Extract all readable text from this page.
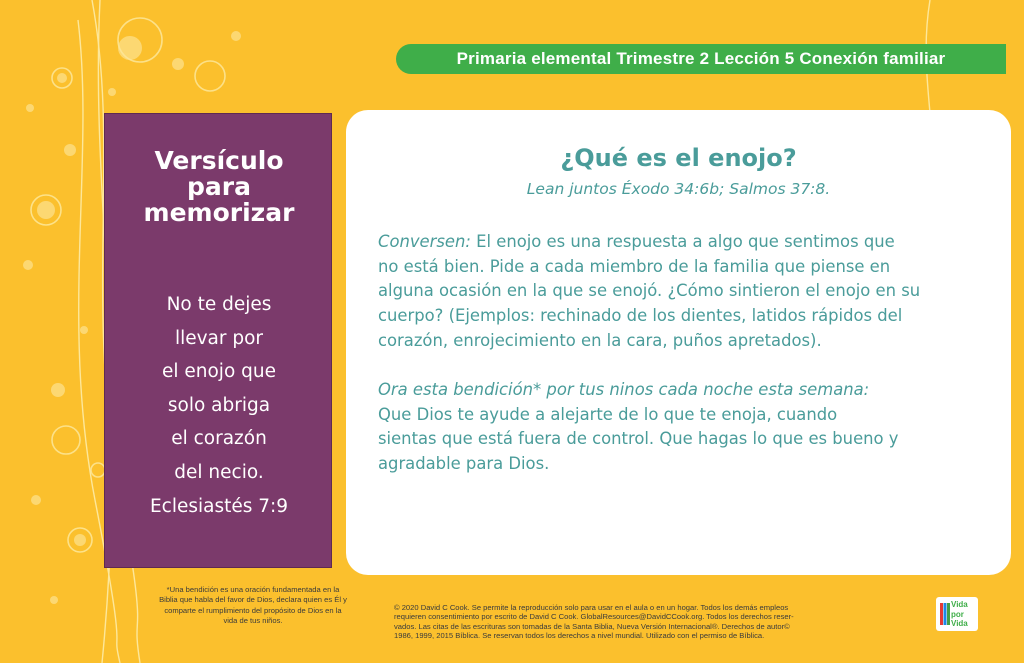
Primaria elemental Trimestre 2 Lección 5 Conexión familiar
Versículo
para
memorizar
No te dejes
llevar por
el enojo que
solo abriga
el corazón
del necio.
Eclesiastés 7:9
¿Qué es el enojo?
Lean juntos Éxodo 34:6b; Salmos 37:8.
Conversen: El enojo es una respuesta a algo que sentimos que
no está bien. Pide a cada miembro de la familia que piense en
alguna ocasión en la que se enojó. ¿Cómo sintieron el enojo en su
cuerpo? (Ejemplos: rechinado de los dientes, latidos rápidos del
corazón, enrojecimiento en la cara, puños apretados).
Ora esta bendición* por tus ninos cada noche esta semana:
Que Dios te ayude a alejarte de lo que te enoja, cuando
sientas que está fuera de control. Que hagas lo que es bueno y
agradable para Dios.
*Una bendición es una oración fundamentada en la
Biblia que habla del favor de Dios, declara quien es Él y
comparte el rumplimiento del propósito de Dios en la
vida de tus niños.
© 2020 David C Cook. Se permite la reproducción solo para usar en el aula o en un hogar. Todos los demás empleos
requieren consentimiento por escrito de David C Cook. GlobalResources@DavidCCook.org. Todos los derechos reser-
vados. Las citas de las escrituras son tomadas de la Santa Biblia, Nueva Versión Internacional®. Derechos de autor©
1986, 1999, 2015 Bíblica. Se reservan todos los derechos a nivel mundial. Utilizado con el permiso de Bíblica.
Vida
por
Vida
